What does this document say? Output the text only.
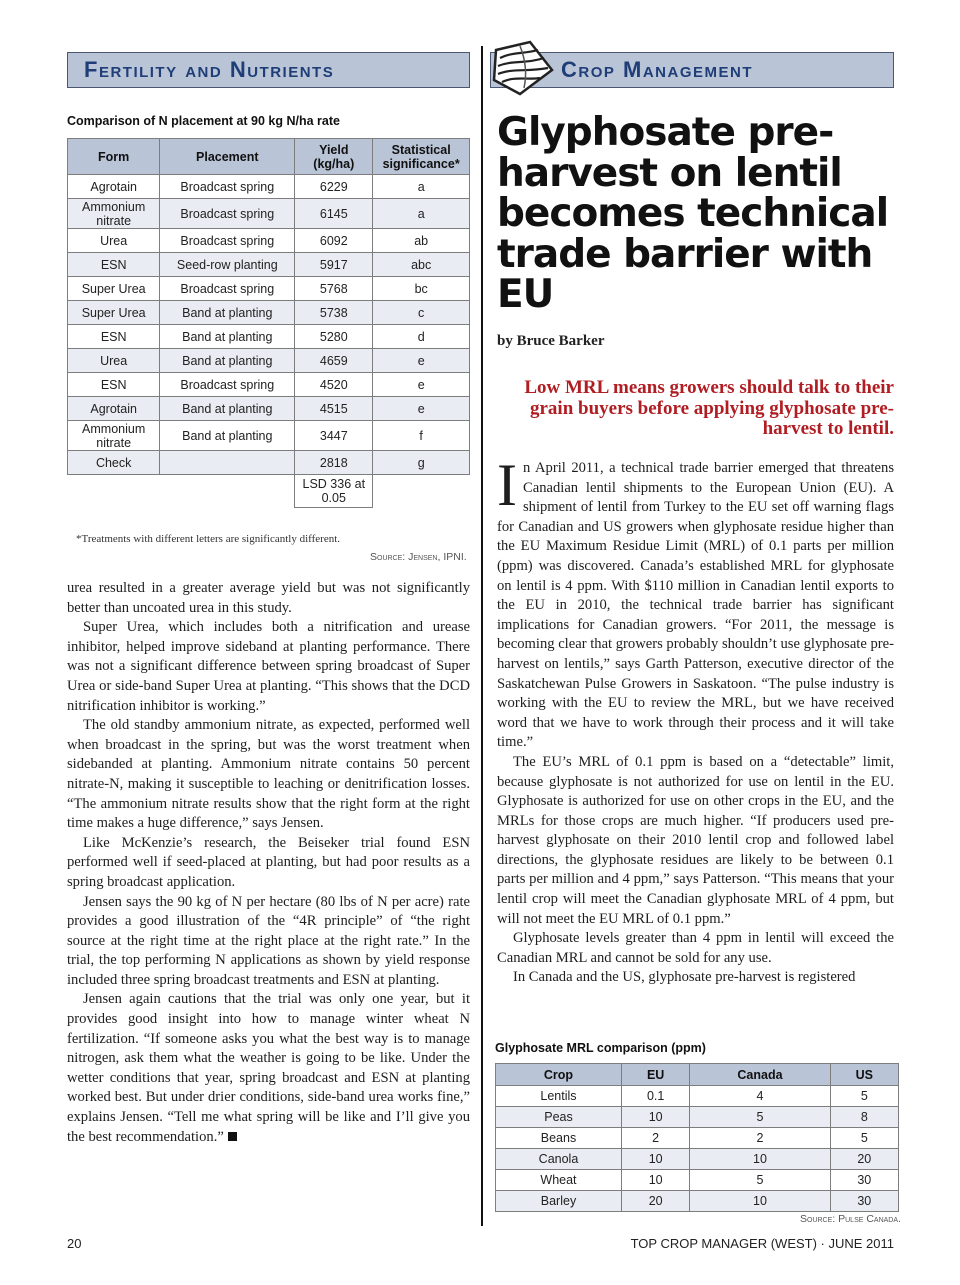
Fertility and Nutrients	Crop Management
Comparison of N placement at 90 kg N/ha rate
Form	Placement	Yield (kg/ha)	Statistical significance*
Agrotain	Broadcast spring	6229	a
Ammonium nitrate	Broadcast spring	6145	a
Urea	Broadcast spring	6092	ab
ESN	Seed-row planting	5917	abc
Super Urea	Broadcast spring	5768	bc
Super Urea	Band at planting	5738	c
ESN	Band at planting	5280	d
Urea	Band at planting	4659	e
ESN	Broadcast spring	4520	e
Agrotain	Band at planting	4515	e
Ammonium nitrate	Band at planting	3447	f
Check		2818	g
		LSD 336 at 0.05	
*Treatments with different letters are significantly different.
Source: Jensen, IPNI.

urea resulted in a greater average yield but was not significantly better than uncoated urea in this study.

Super Urea, which includes both a nitrification and urease inhibitor, helped improve sideband at planting performance. There was not a significant difference between spring broadcast of Super Urea or side-band Super Urea at planting. “This shows that the DCD nitrification inhibitor is working.”

The old standby ammonium nitrate, as expected, performed well when broadcast in the spring, but was the worst treatment when sidebanded at planting. Ammonium nitrate contains 50 percent nitrate-N, making it susceptible to leaching or denitrification losses. “The ammonium nitrate results show that the right form at the right time makes a huge difference,” says Jensen.

Like McKenzie’s research, the Beiseker trial found ESN performed well if seed-placed at planting, but had poor results as a spring broadcast application.

Jensen says the 90 kg of N per hectare (80 lbs of N per acre) rate provides a good illustration of the “4R principle” of “the right source at the right time at the right place at the right rate.” In the trial, the top performing N applications as shown by yield response included three spring broadcast treatments and ESN at planting.

Jensen again cautions that the trial was only one year, but it provides good insight into how to manage winter wheat N fertilization. “If someone asks you what the best way is to manage nitrogen, ask them what the weather is going to be like. Under the wetter conditions that year, spring broadcast and ESN at planting worked best. But under drier conditions, side-band urea works fine,” explains Jensen. “Tell me what spring will be like and I’ll give you the best recommendation.”

Glyphosate pre-harvest on lentil becomes technical trade barrier with EU
by Bruce Barker
Low MRL means growers should talk to their grain buyers before applying glyphosate pre-harvest to lentil.

In April 2011, a technical trade barrier emerged that threatens Canadian lentil shipments to the European Union (EU). A shipment of lentil from Turkey to the EU set off warning flags for Canadian and US growers when glyphosate residue higher than the EU Maximum Residue Limit (MRL) of 0.1 parts per million (ppm) was discovered. Canada’s established MRL for glyphosate on lentil is 4 ppm. With $110 million in Canadian lentil exports to the EU in 2010, the technical trade barrier has significant implications for Canadian growers. “For 2011, the message is becoming clear that growers probably shouldn’t use glyphosate pre-harvest on lentils,” says Garth Patterson, executive director of the Saskatchewan Pulse Growers in Saskatoon. “The pulse industry is working with the EU to review the MRL, but we have received word that we have to work through their process and it will take time.”

The EU’s MRL of 0.1 ppm is based on a “detectable” limit, because glyphosate is not authorized for use on lentil in the EU. Glyphosate is authorized for use on other crops in the EU, and the MRLs for those crops are much higher. “If producers used pre-harvest glyphosate on their 2010 lentil crop and followed label directions, the glyphosate residues are likely to be between 0.1 parts per million and 4 ppm,” says Patterson. “This means that your lentil crop will meet the Canadian glyphosate MRL of 4 ppm, but will not meet the EU MRL of 0.1 ppm.”

Glyphosate levels greater than 4 ppm in lentil will exceed the Canadian MRL and cannot be sold for any use.

In Canada and the US, glyphosate pre-harvest is registered

Glyphosate MRL comparison (ppm)
Crop	EU	Canada	US
Lentils	0.1	4	5
Peas	10	5	8
Beans	2	2	5
Canola	10	10	20
Wheat	10	5	30
Barley	20	10	30
Source: Pulse Canada.
20	TOP CROP MANAGER (WEST) · JUNE 2011
